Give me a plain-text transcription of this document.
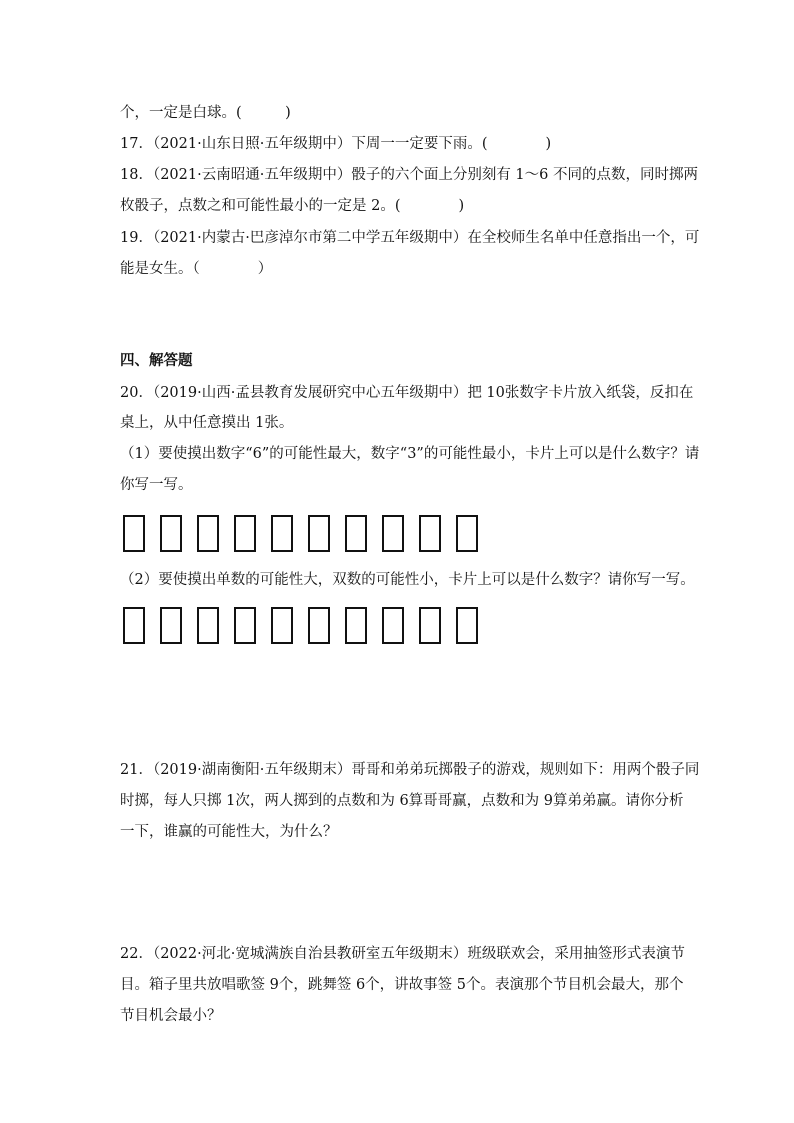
个，一定是白球。(　　　)
17．（2021·山东日照·五年级期中）下周一一定要下雨。(　　　　)
18．（2021·云南昭通·五年级期中）骰子的六个面上分别刻有 1～6 不同的点数，同时掷两
枚骰子，点数之和可能性最小的一定是 2。(　　　　)
19．（2021·内蒙古·巴彦淖尔市第二中学五年级期中）在全校师生名单中任意指出一个，可
能是女生。（　　　　）
四、解答题
20．（2019·山西·孟县教育发展研究中心五年级期中）把 10张数字卡片放入纸袋，反扣在
桌上，从中任意摸出 1张。
（1）要使摸出数字“6”的可能性最大，数字“3”的可能性最小，卡片上可以是什么数字？请
你写一写。
（2）要使摸出单数的可能性大，双数的可能性小，卡片上可以是什么数字？请你写一写。
21．（2019·湖南衡阳·五年级期末）哥哥和弟弟玩掷骰子的游戏，规则如下：用两个骰子同
时掷，每人只掷 1次，两人掷到的点数和为 6算哥哥赢，点数和为 9算弟弟赢。请你分析
一下，谁赢的可能性大，为什么？
22．（2022·河北·宽城满族自治县教研室五年级期末）班级联欢会，采用抽签形式表演节
目。箱子里共放唱歌签 9个，跳舞签 6个，讲故事签 5个。表演那个节目机会最大，那个
节目机会最小？
